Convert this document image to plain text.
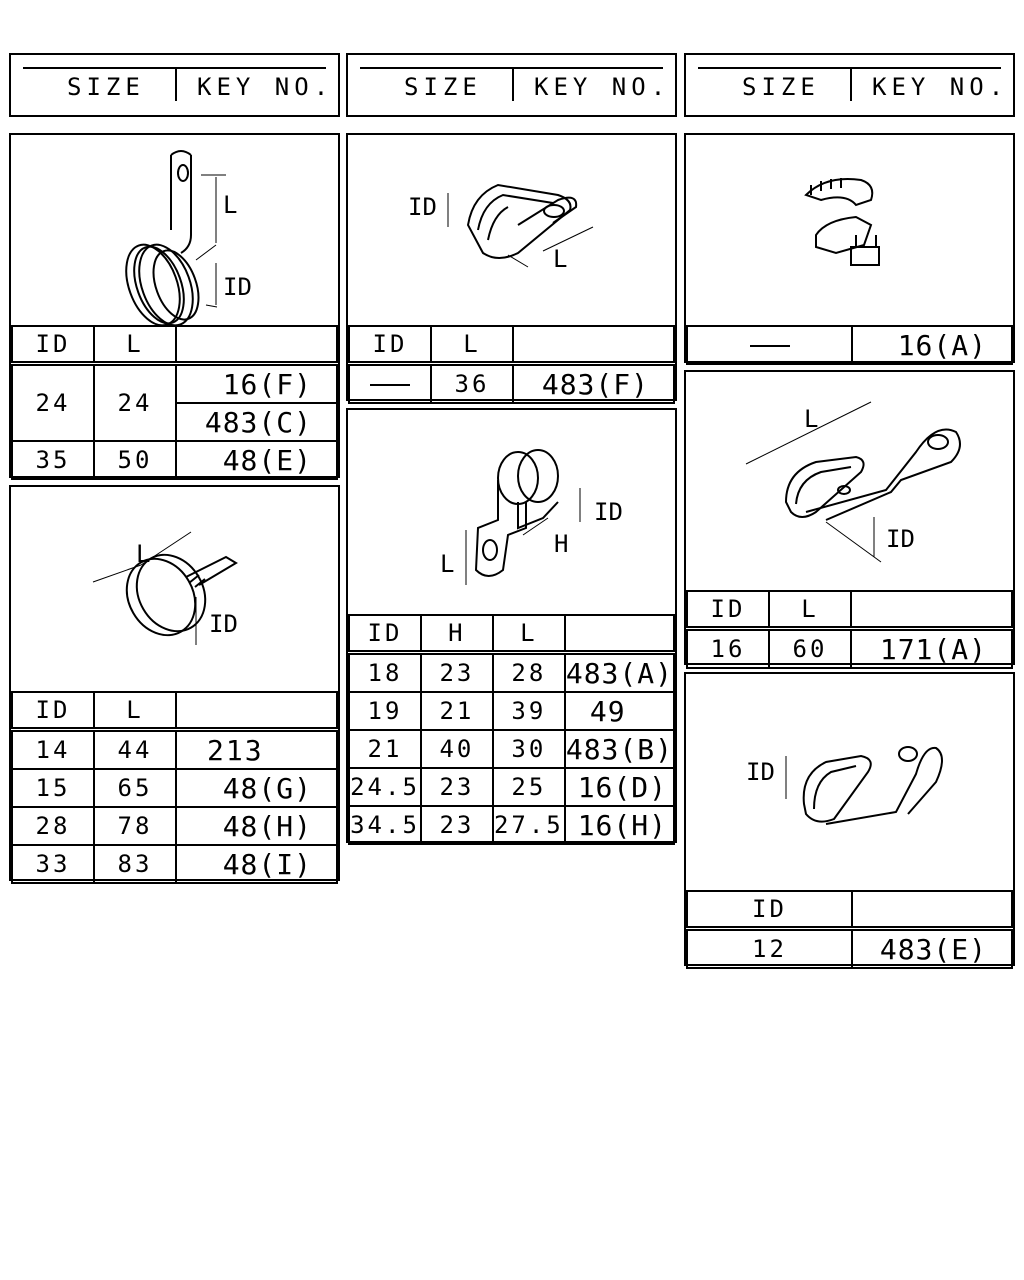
SIZE KEY NO.	SIZE KEY NO.	SIZE KEY NO.
L
ID
ID	L	
24	24	16(F)
		483(C)
35	50	48(E)
ID
L
ID	L	
	36	483(F)
	16(A)
L
ID
ID	L	
14	44	213
15	65	48(G)
28	78	48(H)
33	83	48(I)
ID
H
L
ID	H	L	
18	23	28	483(A)
19	21	39	49
21	40	30	483(B)
24.5	23	25	16(D)
34.5	23	27.5	16(H)
L
ID
ID	L	
16	60	171(A)
ID
ID	
12	483(E)
